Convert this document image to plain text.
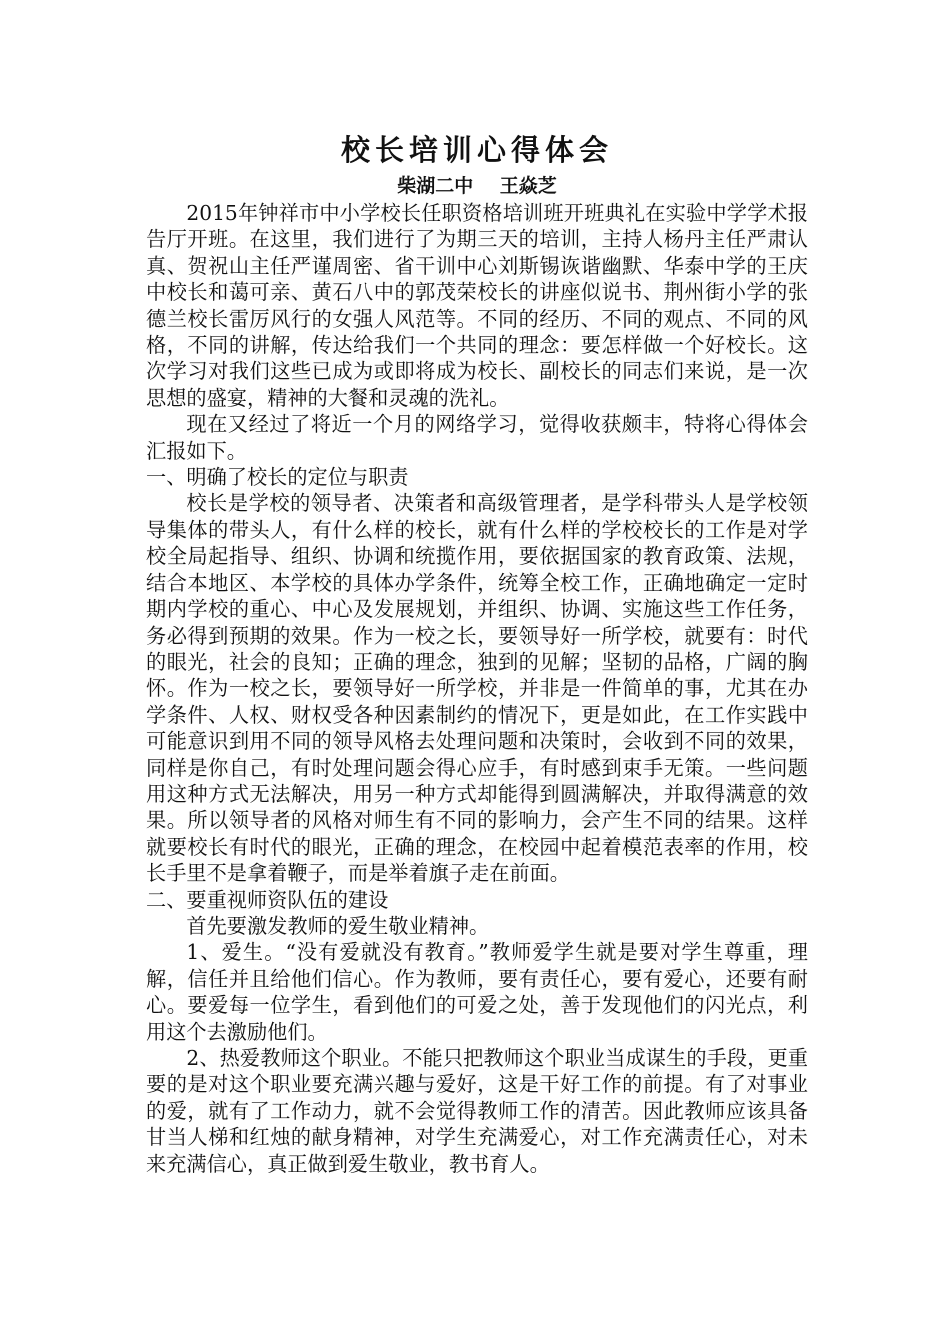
校长培训心得体会

柴湖二中    王焱芝

2015年钟祥市中小学校长任职资格培训班开班典礼在实验中学学术报告厅开班。在这里，我们进行了为期三天的培训，主持人杨丹主任严肃认真、贺祝山主任严谨周密、省干训中心刘斯锡诙谐幽默、华泰中学的王庆中校长和蔼可亲、黄石八中的郭茂荣校长的讲座似说书、荆州街小学的张德兰校长雷厉风行的女强人风范等。不同的经历、不同的观点、不同的风格，不同的讲解，传达给我们一个共同的理念：要怎样做一个好校长。这次学习对我们这些已成为或即将成为校长、副校长的同志们来说，是一次思想的盛宴，精神的大餐和灵魂的洗礼。

现在又经过了将近一个月的网络学习，觉得收获颇丰，特将心得体会汇报如下。

一、明确了校长的定位与职责

校长是学校的领导者、决策者和高级管理者，是学科带头人是学校领导集体的带头人，有什么样的校长，就有什么样的学校校长的工作是对学校全局起指导、组织、协调和统揽作用，要依据国家的教育政策、法规，结合本地区、本学校的具体办学条件，统筹全校工作，正确地确定一定时期内学校的重心、中心及发展规划，并组织、协调、实施这些工作任务，务必得到预期的效果。作为一校之长，要领导好一所学校，就要有：时代的眼光，社会的良知；正确的理念，独到的见解；坚韧的品格，广阔的胸怀。作为一校之长，要领导好一所学校，并非是一件简单的事，尤其在办学条件、人权、财权受各种因素制约的情况下，更是如此，在工作实践中可能意识到用不同的领导风格去处理问题和决策时，会收到不同的效果，同样是你自己，有时处理问题会得心应手，有时感到束手无策。一些问题用这种方式无法解决，用另一种方式却能得到圆满解决，并取得满意的效果。所以领导者的风格对师生有不同的影响力，会产生不同的结果。这样就要校长有时代的眼光，正确的理念，在校园中起着模范表率的作用，校长手里不是拿着鞭子，而是举着旗子走在前面。

二、要重视师资队伍的建设

首先要激发教师的爱生敬业精神。

1、爱生。“没有爱就没有教育。”教师爱学生就是要对学生尊重，理解，信任并且给他们信心。作为教师，要有责任心，要有爱心，还要有耐心。要爱每一位学生，看到他们的可爱之处，善于发现他们的闪光点，利用这个去激励他们。

2、热爱教师这个职业。不能只把教师这个职业当成谋生的手段，更重要的是对这个职业要充满兴趣与爱好，这是干好工作的前提。有了对事业的爱，就有了工作动力，就不会觉得教师工作的清苦。因此教师应该具备甘当人梯和红烛的献身精神，对学生充满爱心，对工作充满责任心，对未来充满信心，真正做到爱生敬业，教书育人。
